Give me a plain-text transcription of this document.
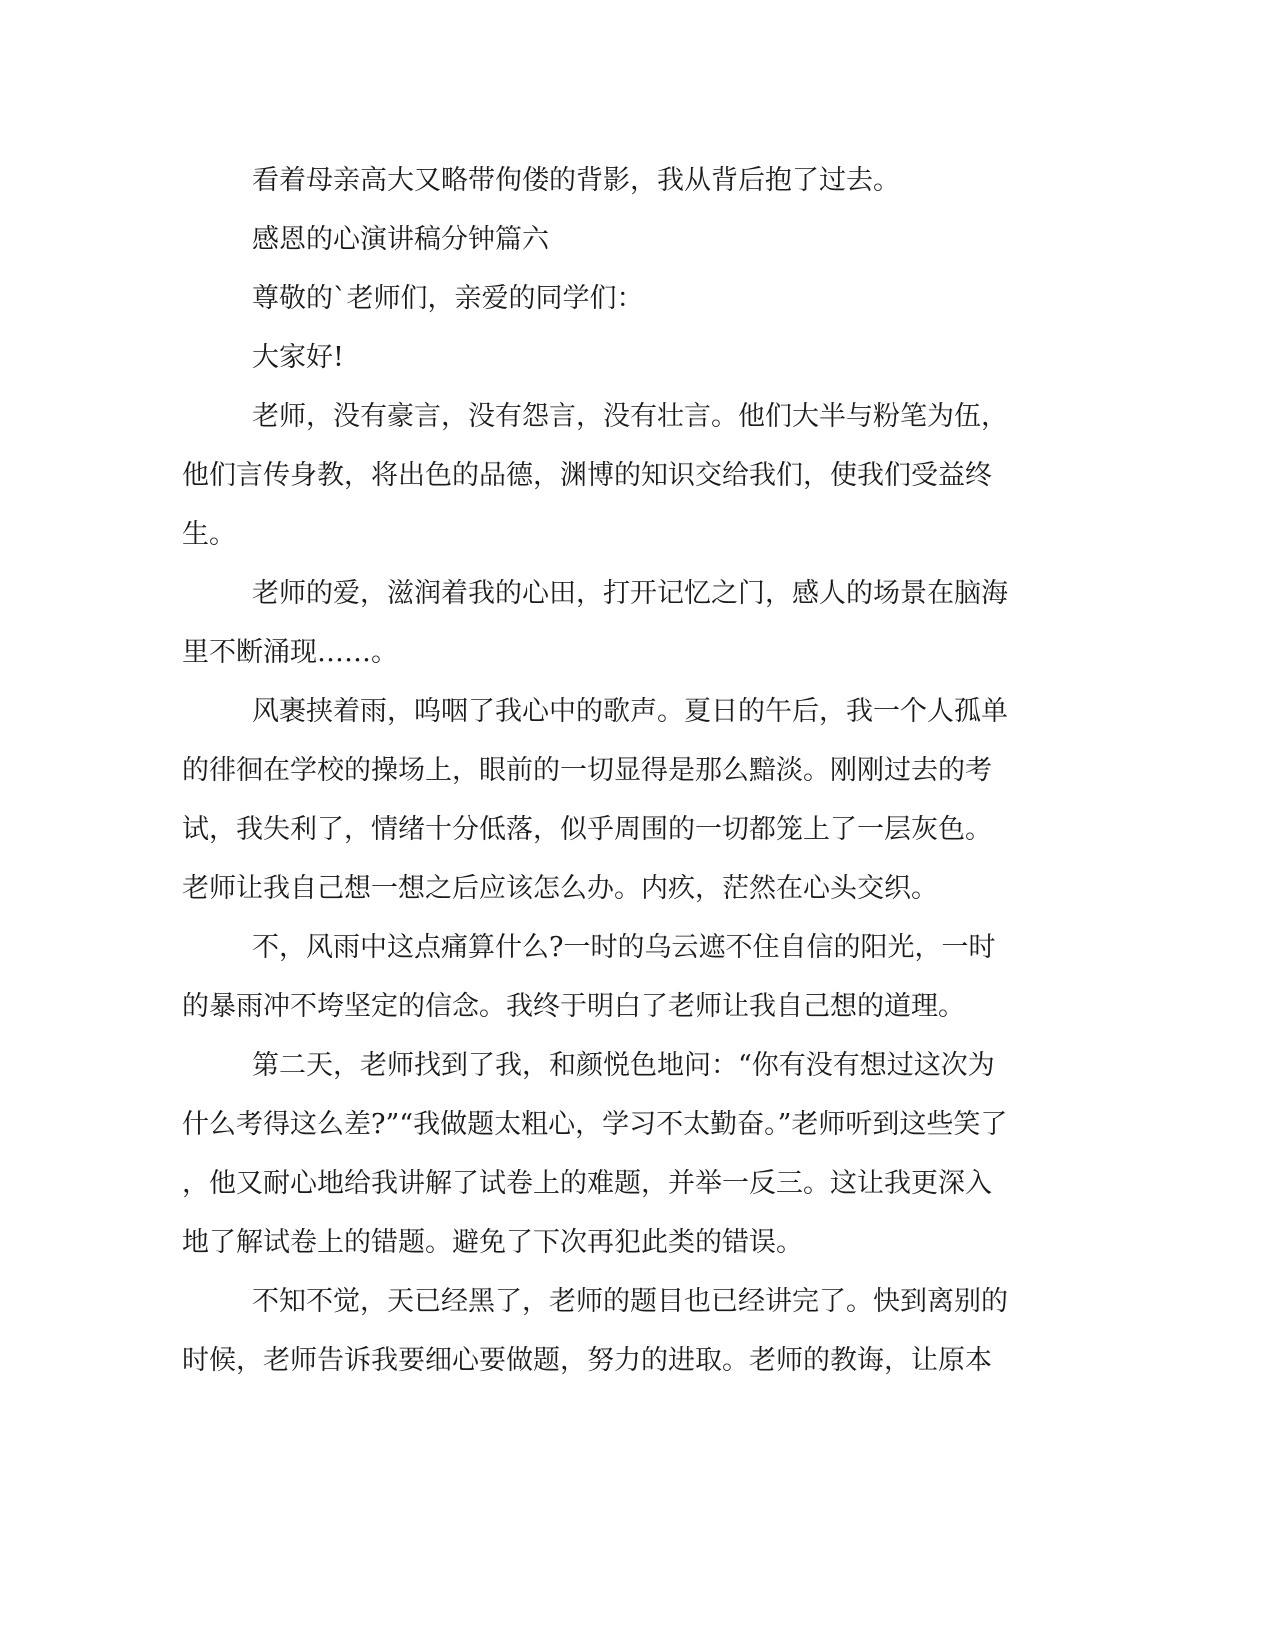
看着母亲高大又略带佝偻的背影，我从背后抱了过去。
感恩的心演讲稿分钟篇六
尊敬的`老师们，亲爱的同学们：
大家好!
老师，没有豪言，没有怨言，没有壮言。他们大半与粉笔为伍，
他们言传身教，将出色的品德，渊博的知识交给我们，使我们受益终
生。
老师的爱，滋润着我的心田，打开记忆之门，感人的场景在脑海
里不断涌现……。
风裹挟着雨，呜咽了我心中的歌声。夏日的午后，我一个人孤单
的徘徊在学校的操场上，眼前的一切显得是那么黯淡。刚刚过去的考
试，我失利了，情绪十分低落，似乎周围的一切都笼上了一层灰色。
老师让我自己想一想之后应该怎么办。内疚，茫然在心头交织。
不，风雨中这点痛算什么?一时的乌云遮不住自信的阳光，一时
的暴雨冲不垮坚定的信念。我终于明白了老师让我自己想的道理。
第二天，老师找到了我，和颜悦色地问：“你有没有想过这次为
什么考得这么差?”“我做题太粗心，学习不太勤奋。”老师听到这些笑了
，他又耐心地给我讲解了试卷上的难题，并举一反三。这让我更深入
地了解试卷上的错题。避免了下次再犯此类的错误。
不知不觉，天已经黑了，老师的题目也已经讲完了。快到离别的
时候，老师告诉我要细心要做题，努力的进取。老师的教诲，让原本
